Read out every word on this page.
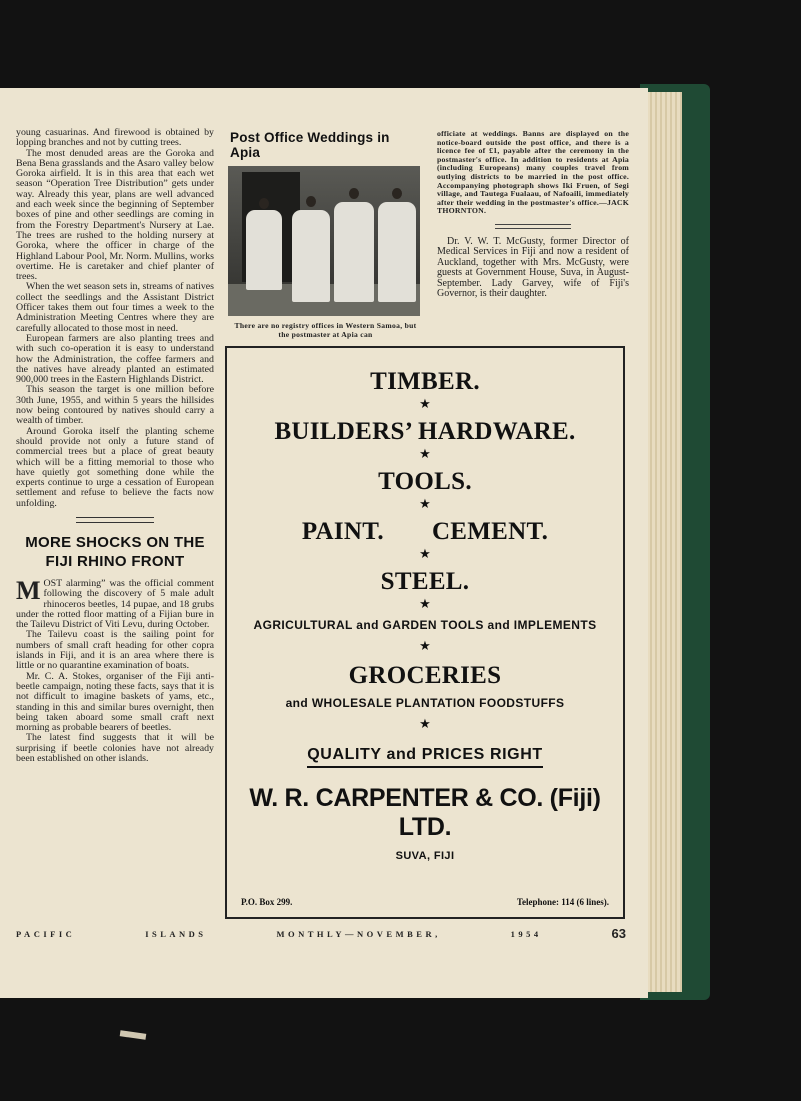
young casuarinas. And firewood is obtained by lopping branches and not by cutting trees.

The most denuded areas are the Goroka and Bena Bena grasslands and the Asaro valley below Goroka airfield. It is in this area that each wet season “Operation Tree Distribution” gets under way. Already this year, plans are well advanced and each week since the beginning of September boxes of pine and other seedlings are coming in from the Forestry Department's Nursery at Lae. The trees are rushed to the holding nursery at Goroka, where the officer in charge of the Highland Labour Pool, Mr. Norm. Mullins, works overtime. He is caretaker and chief planter of trees.

When the wet season sets in, streams of natives collect the seedlings and the Assistant District Officer takes them out four times a week to the Administration Meeting Centres where they are carefully allocated to those most in need.

European farmers are also planting trees and with such co-operation it is easy to understand how the Administration, the coffee farmers and the natives have already planted an estimated 900,000 trees in the Eastern Highlands District.

This season the target is one million before 30th June, 1955, and within 5 years the hillsides now being contoured by natives should carry a wealth of timber.

Around Goroka itself the planting scheme should provide not only a future stand of commercial trees but a place of great beauty which will be a fitting memorial to those who have quietly got something done while the experts continue to urge a cessation of European settlement and refuse to believe the facts now unfolding.

MORE SHOCKS ON THE
FIJI RHINO FRONT

M OST alarming” was the official comment following the discovery of 5 male adult rhinoceros beetles, 14 pupae, and 18 grubs under the rotted floor matting of a Fijian bure in the Tailevu District of Viti Levu, during October.

The Tailevu coast is the sailing point for numbers of small craft heading for other copra islands in Fiji, and it is an area where there is little or no quarantine examination of boats.

Mr. C. A. Stokes, organiser of the Fiji anti-beetle campaign, noting these facts, says that it is not difficult to imagine baskets of yams, etc., standing in this and similar bures overnight, then being taken aboard some small craft next morning as probable bearers of beetles.

The latest find suggests that it will be surprising if beetle colonies have not already been established on other islands.

Post Office Weddings in Apia
There are no registry offices in Western Samoa, but the postmaster at Apia can
officiate at weddings. Banns are displayed on the notice-board outside the post office, and there is a licence fee of £1, payable after the ceremony in the postmaster's office. In addition to residents at Apia (including Europeans) many couples travel from outlying districts to be married in the post office. Accompanying photograph shows Iki Fruen, of Segi village, and Tautega Fualaau, of Nafoaili, immediately after their wedding in the postmaster's office.—JACK THORNTON.

Dr. V. W. T. McGusty, former Director of Medical Services in Fiji and now a resident of Auckland, together with Mrs. McGusty, were guests at Government House, Suva, in August-September. Lady Garvey, wife of Fiji's Governor, is their daughter.

TIMBER.
★
BUILDERS’ HARDWARE.
★
TOOLS.
★
PAINT. CEMENT.
★
STEEL.
★
AGRICULTURAL and GARDEN TOOLS and IMPLEMENTS
★
GROCERIES
and WHOLESALE PLANTATION FOODSTUFFS
★
QUALITY and PRICES RIGHT
W. R. CARPENTER & CO. (Fiji) LTD.
SUVA, FIJI
P.O. Box 299.	Telephone: 114 (6 lines).
PACIFIC	ISLANDS	MONTHLY—NOVEMBER,	1954	63
